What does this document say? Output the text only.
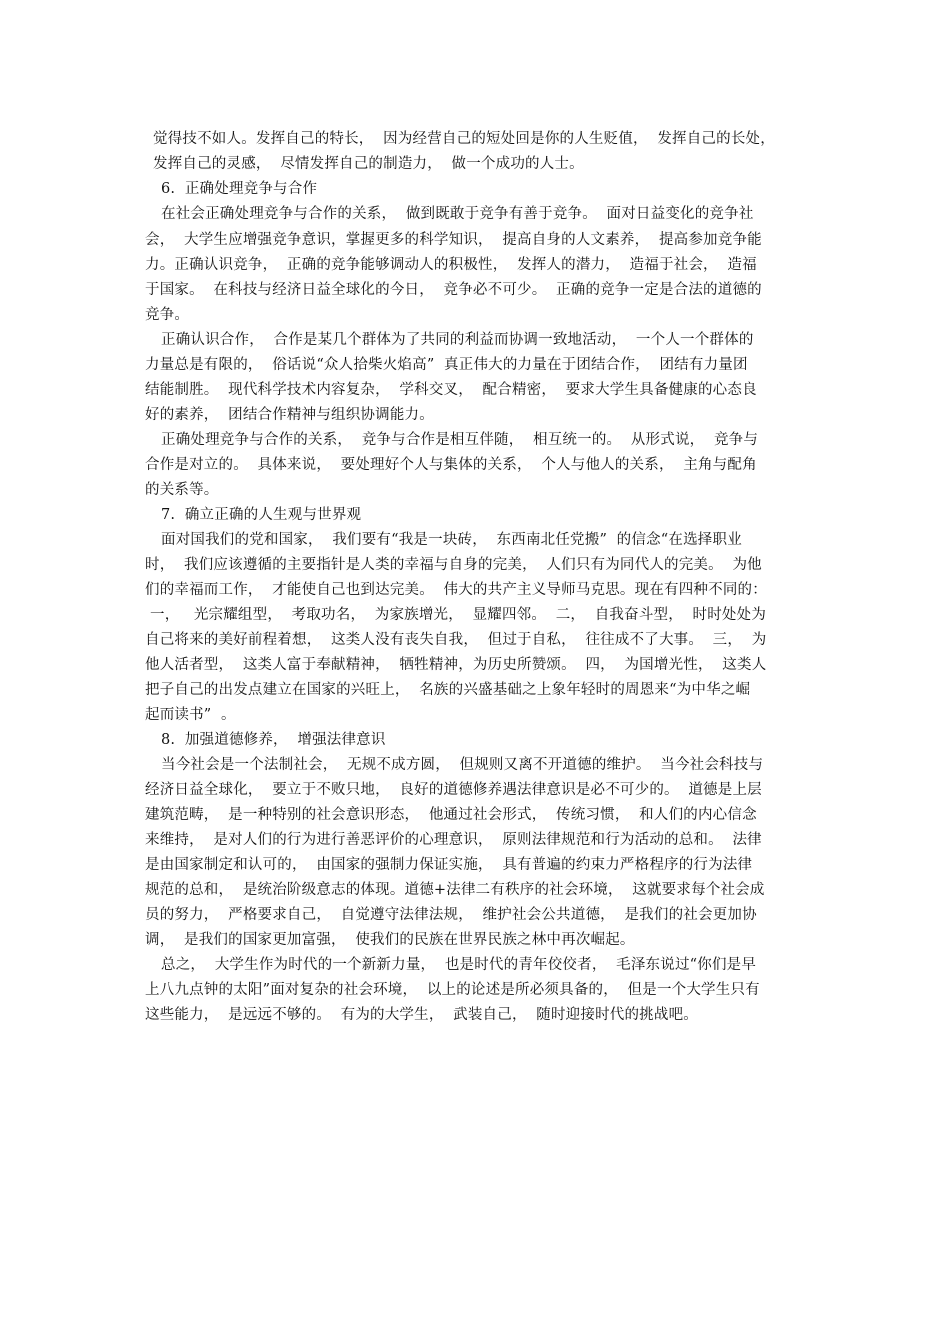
觉得技不如人。发挥自己的特长，  因为经营自己的短处回是你的人生贬值，  发挥自己的长处，
发挥自己的灵感，  尽情发挥自己的制造力，  做一个成功的人士。
6.  正确处理竞争与合作
在社会正确处理竞争与合作的关系，  做到既敢于竞争有善于竞争。  面对日益变化的竞争社
会，  大学生应增强竞争意识，掌握更多的科学知识，  提高自身的人文素养，  提高参加竞争能
力。正确认识竞争，  正确的竞争能够调动人的积极性，  发挥人的潜力，  造福于社会，  造福
于国家。  在科技与经济日益全球化的今日，  竞争必不可少。  正确的竞争一定是合法的道德的
竞争。
正确认识合作，  合作是某几个群体为了共同的利益而协调一致地活动，  一个人一个群体的
力量总是有限的，  俗话说“众人拾柴火焰高”  真正伟大的力量在于团结合作，  团结有力量团
结能制胜。  现代科学技术内容复杂，  学科交叉，  配合精密，  要求大学生具备健康的心态良
好的素养，  团结合作精神与组织协调能力。
正确处理竞争与合作的关系，  竞争与合作是相互伴随，  相互统一的。  从形式说，  竞争与
合作是对立的。  具体来说，  要处理好个人与集体的关系，  个人与他人的关系，  主角与配角
的关系等。
7.  确立正确的人生观与世界观
面对国我们的党和国家，  我们要有“我是一块砖，  东西南北任党搬”  的信念“在选择职业
时，  我们应该遵循的主要指针是人类的幸福与自身的完美，  人们只有为同代人的完美。  为他
们的幸福而工作，  才能使自己也到达完美。  伟大的共产主义导师马克思。现在有四种不同的：
一，   光宗耀组型，  考取功名，  为家族增光，  显耀四邻。  二，  自我奋斗型，  时时处处为
自己将来的美好前程着想，  这类人没有丧失自我，  但过于自私，  往往成不了大事。  三，  为
他人活者型，  这类人富于奉献精神，  牺牲精神，为历史所赞颂。  四，  为国增光性，  这类人
把子自己的出发点建立在国家的兴旺上，  名族的兴盛基础之上象年轻时的周恩来“为中华之崛
起而读书”  。
8.  加强道德修养，  增强法律意识
当今社会是一个法制社会，  无规不成方圆，  但规则又离不开道德的维护。  当今社会科技与
经济日益全球化，  要立于不败只地，  良好的道德修养遇法律意识是必不可少的。  道德是上层
建筑范畴，  是一种特别的社会意识形态，  他通过社会形式，  传统习惯，  和人们的内心信念
来维持，  是对人们的行为进行善恶评价的心理意识，  原则法律规范和行为活动的总和。  法律
是由国家制定和认可的，  由国家的强制力保证实施，  具有普遍的约束力严格程序的行为法律
规范的总和，  是统治阶级意志的体现。道德+法律二有秩序的社会环境，  这就要求每个社会成
员的努力，  严格要求自己，  自觉遵守法律法规，  维护社会公共道德，  是我们的社会更加协
调，  是我们的国家更加富强，  使我们的民族在世界民族之林中再次崛起。
总之，  大学生作为时代的一个新新力量，  也是时代的青年佼佼者，  毛泽东说过“你们是早
上八九点钟的太阳”面对复杂的社会环境，  以上的论述是所必须具备的，  但是一个大学生只有
这些能力，  是远远不够的。  有为的大学生，  武装自己，  随时迎接时代的挑战吧。
